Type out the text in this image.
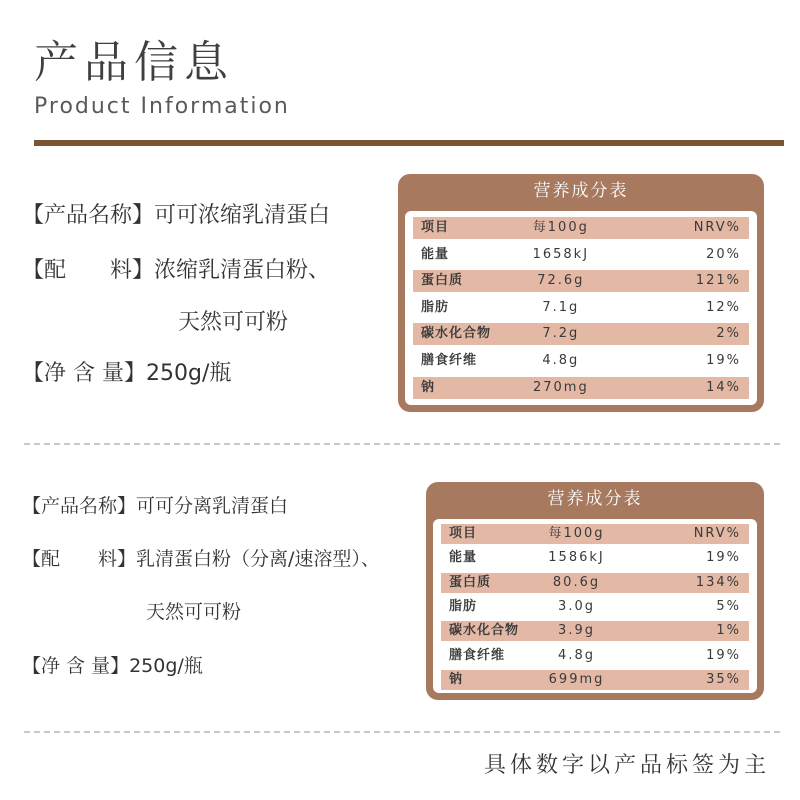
产品信息
Product Information
【产品名称】可可浓缩乳清蛋白
【配　　料】浓缩乳清蛋白粉、
天然可可粉
【净 含 量】250g/瓶
营养成分表
项目	每100g	NRV%
能量	1658kJ	20%
蛋白质	72.6g	121%
脂肪	7.1g	12%
碳水化合物	7.2g	2%
膳食纤维	4.8g	19%
钠	270mg	14%
【产品名称】可可分离乳清蛋白
【配　　料】乳清蛋白粉（分离/速溶型）、
天然可可粉
【净 含 量】250g/瓶
营养成分表
项目	每100g	NRV%
能量	1586kJ	19%
蛋白质	80.6g	134%
脂肪	3.0g	5%
碳水化合物	3.9g	1%
膳食纤维	4.8g	19%
钠	699mg	35%
具体数字以产品标签为主
